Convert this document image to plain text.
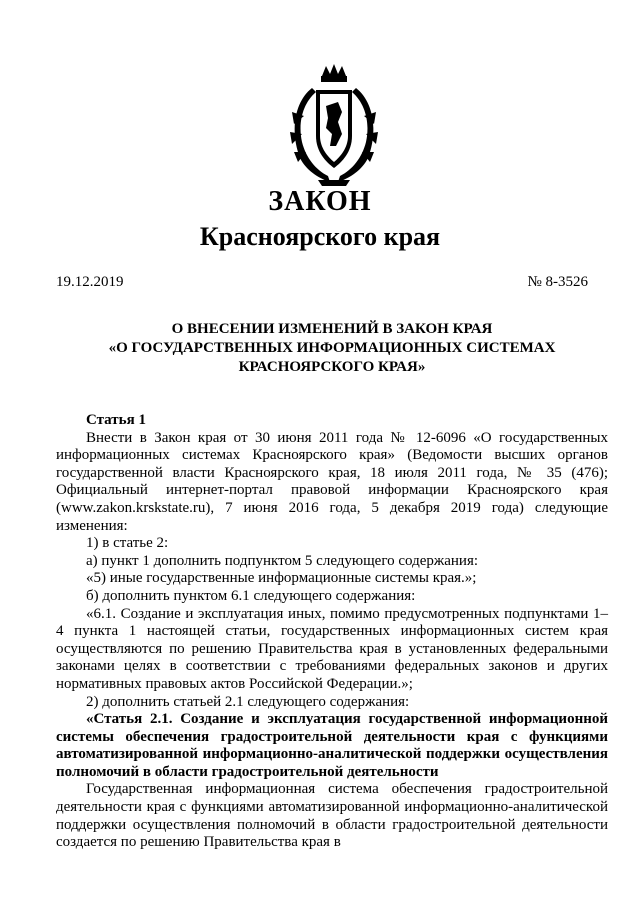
ЗАКОН
Красноярского края
19.12.2019	№ 8-3526
О ВНЕСЕНИИ ИЗМЕНЕНИЙ В ЗАКОН КРАЯ
«О ГОСУДАРСТВЕННЫХ ИНФОРМАЦИОННЫХ СИСТЕМАХ
КРАСНОЯРСКОГО КРАЯ»

Статья 1

Внести в Закон края от 30 июня 2011 года № 12-6096 «О государственных информационных системах Красноярского края» (Ведомости высших органов государственной власти Красноярского края, 18 июля 2011 года, № 35 (476); Официальный интернет-портал правовой информации Красноярского края (www.zakon.krskstate.ru), 7 июня 2016 года, 5 декабря 2019 года) следующие изменения:

1) в статье 2:

а) пункт 1 дополнить подпунктом 5 следующего содержания:

«5) иные государственные информационные системы края.»;

б) дополнить пунктом 6.1 следующего содержания:

«6.1. Создание и эксплуатация иных, помимо предусмотренных подпунктами 1–4 пункта 1 настоящей статьи, государственных информационных систем края осуществляются по решению Правительства края в установленных федеральными законами целях в соответствии с требованиями федеральных законов и других нормативных правовых актов Российской Федерации.»;

2) дополнить статьей 2.1 следующего содержания:

«Статья 2.1. Создание и эксплуатация государственной информационной системы обеспечения градостроительной деятельности края с функциями автоматизированной информационно-аналитической поддержки осуществления полномочий в области градостроительной деятельности

Государственная информационная система обеспечения градостроительной деятельности края с функциями автоматизированной информационно-аналитической поддержки осуществления полномочий в области градостроительной деятельности создается по решению Правительства края в
